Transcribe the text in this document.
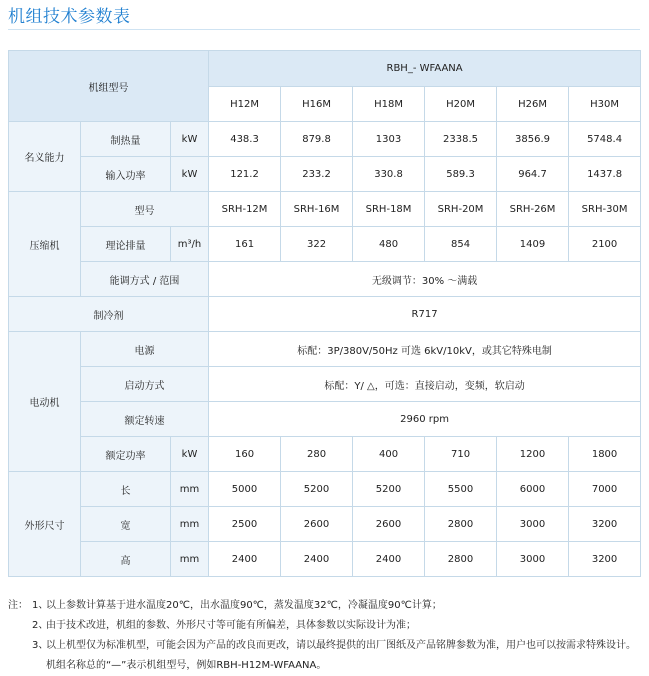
机组技术参数表
机组型号			RBH_- WFAANA					
			H12M	H16M	H18M	H20M	H26M	H30M
名义能力	制热量	kW	438.3	879.8	1303	2338.5	3856.9	5748.4
	输入功率	kW	121.2	233.2	330.8	589.3	964.7	1437.8
压缩机	型号		SRH-12M	SRH-16M	SRH-18M	SRH-20M	SRH-26M	SRH-30M
	理论排量	m³/h	161	322	480	854	1409	2100
	能调方式 / 范围		无级调节：30% ～满载					
制冷剂			R717					
电动机	电源		标配：3P/380V/50Hz 可选 6kV/10kV，或其它特殊电制					
	启动方式		标配：Y/ △，可选：直接启动，变频，软启动					
	额定转速		2960 rpm					
	额定功率	kW	160	280	400	710	1200	1800
外形尺寸	长	mm	5000	5200	5200	5500	6000	7000
	宽	mm	2500	2600	2600	2800	3000	3200
	高	mm	2400	2400	2400	2800	3000	3200
注： 1、
以上参数计算基于进水温度20℃，出水温度90℃，蒸发温度32℃，冷凝温度90℃计算；
2、
由于技术改进，机组的参数、外形尺寸等可能有所偏差，具体参数以实际设计为准；
3、
以上机型仅为标准机型，可能会因为产品的改良而更改，请以最终提供的出厂图纸及产品铭牌参数为准，用户也可以按需求特殊设计。机组名称总的“—”表示机组型号，例如RBH-H12M-WFAANA。
